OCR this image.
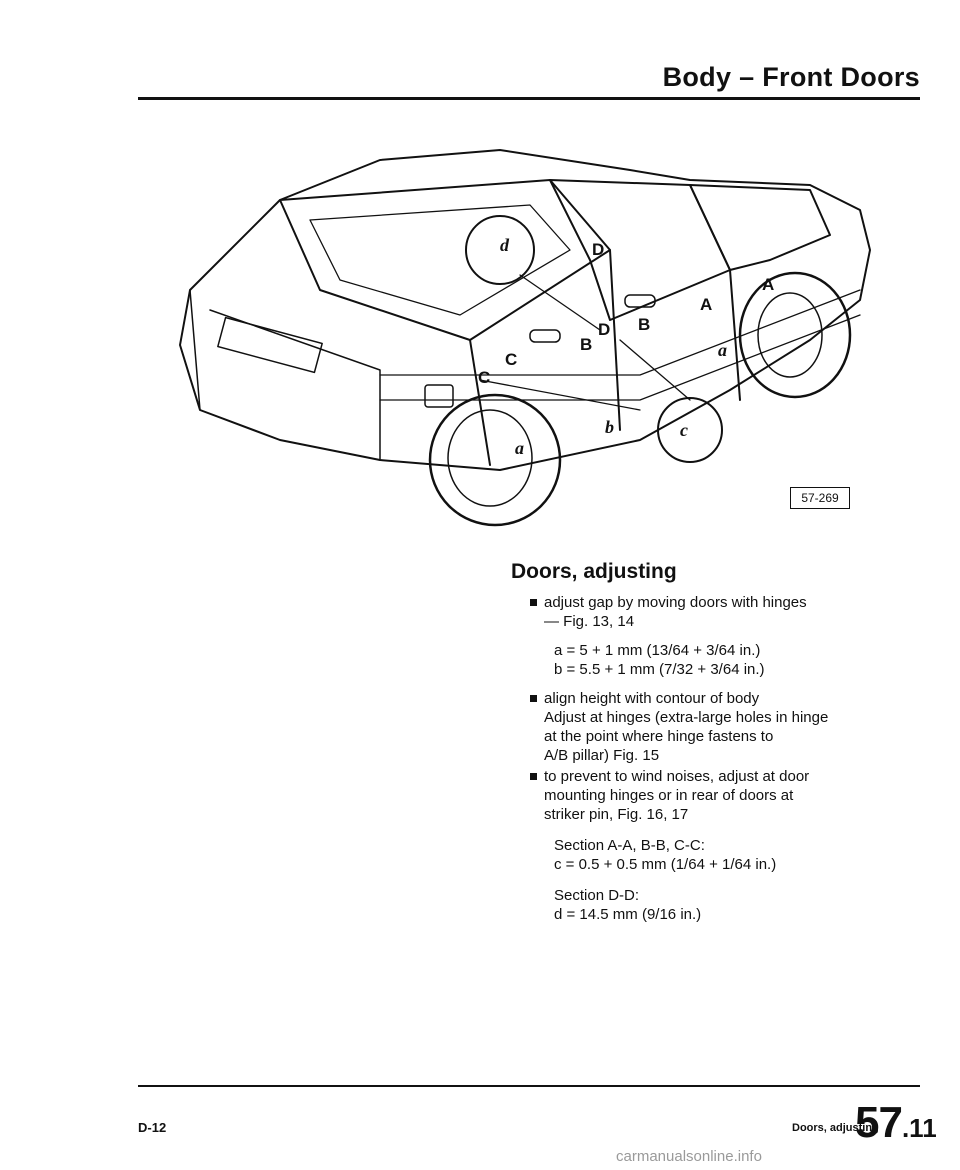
Body – Front Doors
A
A
B
B
C
C
D
D
a
a
b	c
d
57-269
Doors, adjusting
adjust gap by moving doors with hinges
— Fig. 13, 14
a = 5 + 1 mm (13/64 + 3/64 in.)
b = 5.5 + 1 mm (7/32 + 3/64 in.)
align height with contour of body
Adjust at hinges (extra-large holes in hinge
at the point where hinge fastens to
A/B pillar) Fig. 15
to prevent to wind noises, adjust at door
mounting hinges or in rear of doors at
striker pin, Fig. 16, 17
Section A-A, B-B, C-C:
c = 0.5 + 0.5 mm (1/64 + 1/64 in.)
Section D-D:
d = 14.5 mm (9/16 in.)
D-12	Doors, adjusting
57.11
carmanualsonline.info
